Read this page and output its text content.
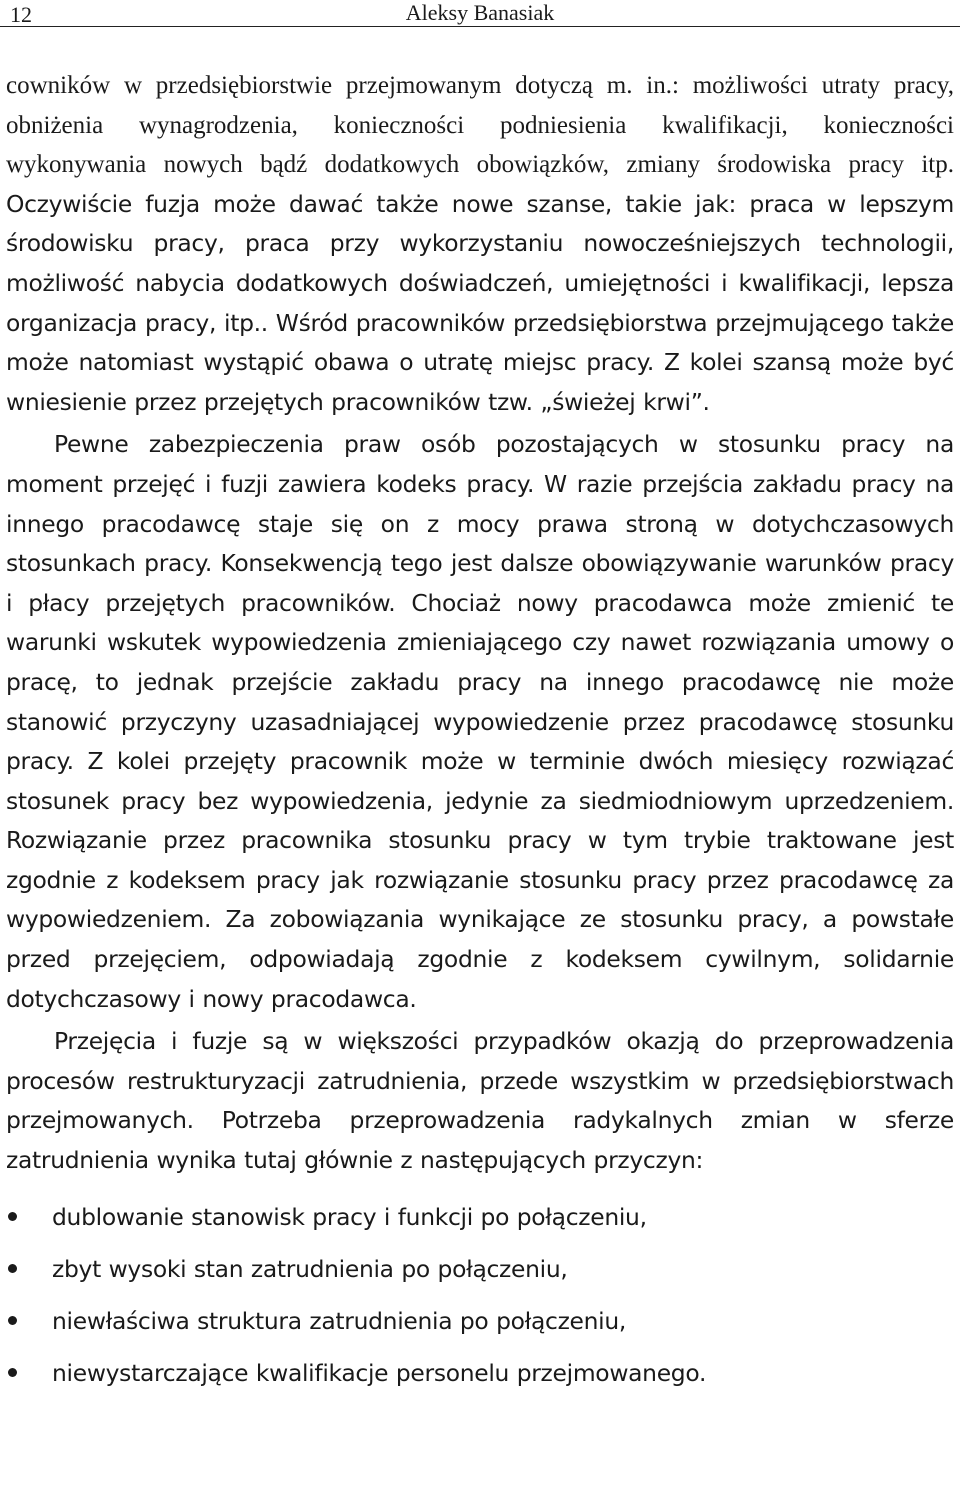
12	Aleksy Banasiak

cowników w przedsiębiorstwie przejmowanym dotyczą m. in.: możliwości utraty pracy, obniżenia wynagrodzenia, konieczności podniesienia kwalifikacji, konieczności wykonywania nowych bądź dodatkowych obowiązków, zmiany środowiska pracy itp. Oczywiście fuzja może dawać także nowe szanse, takie jak: praca w lepszym środowisku pracy, praca przy wykorzystaniu nowocześniejszych technologii, możliwość nabycia dodatkowych doświadczeń, umiejętności i kwalifikacji, lepsza organizacja pracy, itp.. Wśród pracowników przedsiębiorstwa przejmującego także może natomiast wystąpić obawa o utratę miejsc pracy. Z kolei szansą może być wniesienie przez przejętych pracowników tzw. „świeżej krwi”.

Pewne zabezpieczenia praw osób pozostających w stosunku pracy na moment przejęć i fuzji zawiera kodeks pracy. W razie przejścia zakładu pracy na innego pracodawcę staje się on z mocy prawa stroną w dotychczasowych stosunkach pracy. Konsekwencją tego jest dalsze obowiązywanie warunków pracy i płacy przejętych pracowników. Chociaż nowy pracodawca może zmienić te warunki wskutek wypowiedzenia zmieniającego czy nawet rozwiązania umowy o pracę, to jednak przejście zakładu pracy na innego pracodawcę nie może stanowić przyczyny uzasadniającej wypowiedzenie przez pracodawcę stosunku pracy. Z kolei przejęty pracownik może w terminie dwóch miesięcy rozwiązać stosunek pracy bez wypowiedzenia, jedynie za siedmiodniowym uprzedzeniem. Rozwiązanie przez pracownika stosunku pracy w tym trybie traktowane jest zgodnie z kodeksem pracy jak rozwiązanie stosunku pracy przez pracodawcę za wypowiedzeniem. Za zobowiązania wynikające ze stosunku pracy, a powstałe przed przejęciem, odpowiadają zgodnie z kodeksem cywilnym, solidarnie dotychczasowy i nowy pracodawca.

Przejęcia i fuzje są w większości przypadków okazją do przeprowadzenia procesów restrukturyzacji zatrudnienia, przede wszystkim w przedsiębiorstwach przejmowanych. Potrzeba przeprowadzenia radykalnych zmian w sferze zatrudnienia wynika tutaj głównie z następujących przyczyn:

dublowanie stanowisk pracy i funkcji po połączeniu,
zbyt wysoki stan zatrudnienia po połączeniu,
niewłaściwa struktura zatrudnienia po połączeniu,
niewystarczające kwalifikacje personelu przejmowanego.
